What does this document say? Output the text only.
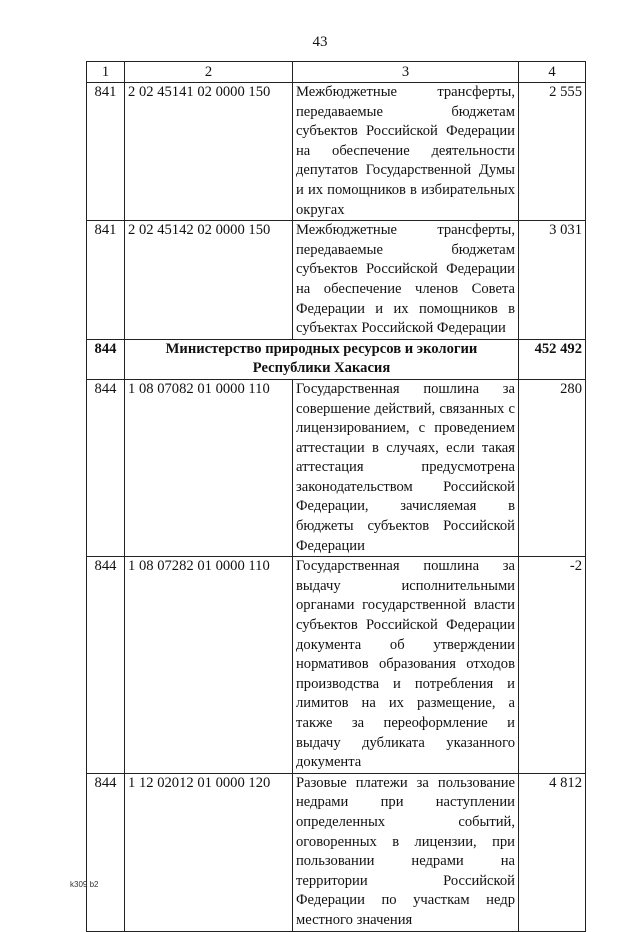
43
1	2	3	4
841	2 02 45141 02 0000 150	Межбюджетные трансферты, передаваемые бюджетам субъектов Российской Федерации на обеспечение деятельности депутатов Государственной Думы и их помощников в избирательных округах	2 555
841	2 02 45142 02 0000 150	Межбюджетные трансферты, передаваемые бюджетам субъектов Российской Федерации на обеспечение членов Совета Федерации и их помощников в субъектах Российской Федерации	3 031
844	Министерство природных ресурсов и экологии Республики Хакасия		452 492
844	1 08 07082 01 0000 110	Государственная пошлина за совершение действий, связанных с лицензированием, с проведением аттестации в случаях, если такая аттестация предусмотрена законодательством Российской Федерации, зачисляемая в бюджеты субъектов Российской Федерации	280
844	1 08 07282 01 0000 110	Государственная пошлина за выдачу исполнительными органами государственной власти субъектов Российской Федерации документа об утверждении нормативов образования отходов производства и потребления и лимитов на их размещение, а также за переоформление и выдачу дубликата указанного документа	-2
844	1 12 02012 01 0000 120	Разовые платежи за пользование недрами при наступлении определенных событий, оговоренных в лицензии, при пользовании недрами на территории Российской Федерации по участкам недр местного значения	4 812
k309 b2
